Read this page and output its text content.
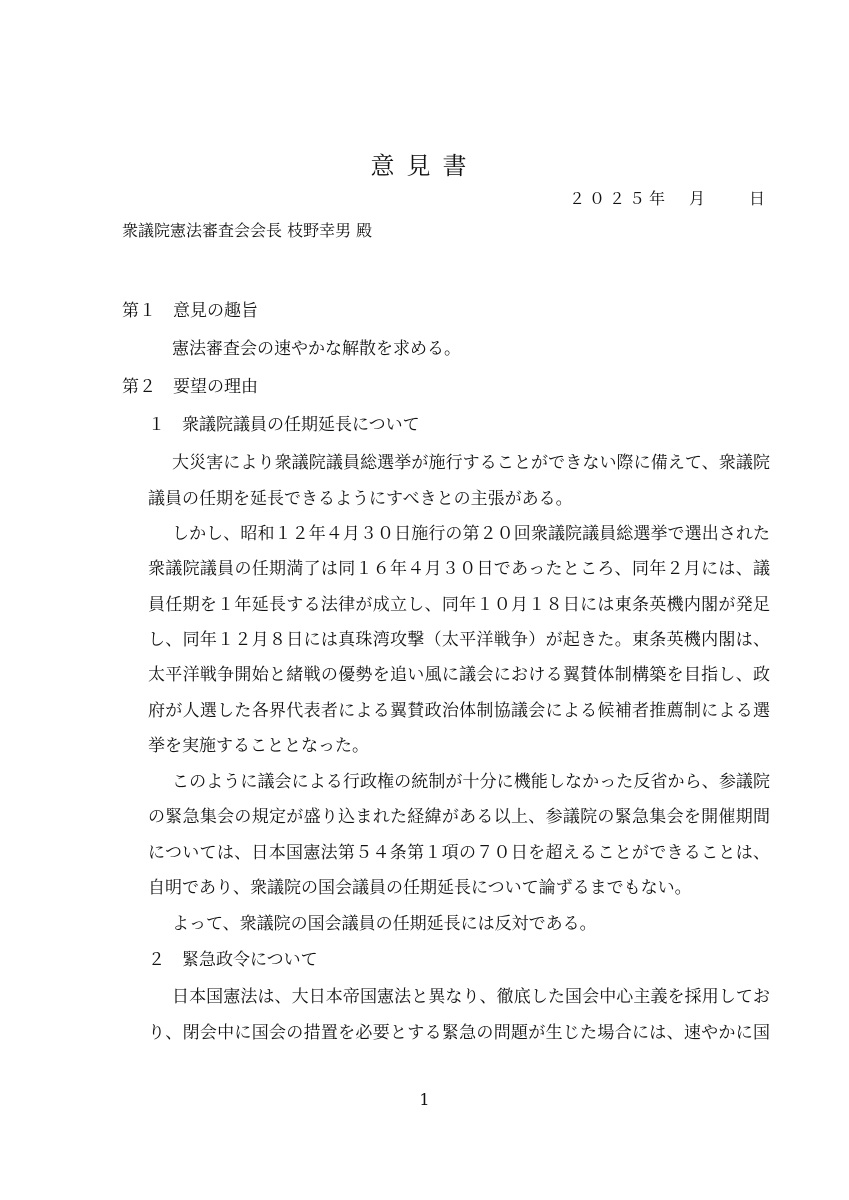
意見書
２０２５年　月　　日
衆議院憲法審査会会長 枝野幸男 殿
第１　意見の趣旨
憲法審査会の速やかな解散を求める。
第２　要望の理由
１　衆議院議員の任期延長について
大災害により衆議院議員総選挙が施行することができない際に備えて、衆議院
議員の任期を延長できるようにすべきとの主張がある。
しかし、昭和１２年４月３０日施行の第２０回衆議院議員総選挙で選出された
衆議院議員の任期満了は同１６年４月３０日であったところ、同年２月には、議
員任期を１年延長する法律が成立し、同年１０月１８日には東条英機内閣が発足
し、同年１２月８日には真珠湾攻撃（太平洋戦争）が起きた。東条英機内閣は、
太平洋戦争開始と緒戦の優勢を追い風に議会における翼賛体制構築を目指し、政
府が人選した各界代表者による翼賛政治体制協議会による候補者推薦制による選
挙を実施することとなった。
このように議会による行政権の統制が十分に機能しなかった反省から、参議院
の緊急集会の規定が盛り込まれた経緯がある以上、参議院の緊急集会を開催期間
については、日本国憲法第５４条第１項の７０日を超えることができることは、
自明であり、衆議院の国会議員の任期延長について論ずるまでもない。
よって、衆議院の国会議員の任期延長には反対である。
２　緊急政令について
日本国憲法は、大日本帝国憲法と異なり、徹底した国会中心主義を採用してお
り、閉会中に国会の措置を必要とする緊急の問題が生じた場合には、速やかに国
1
